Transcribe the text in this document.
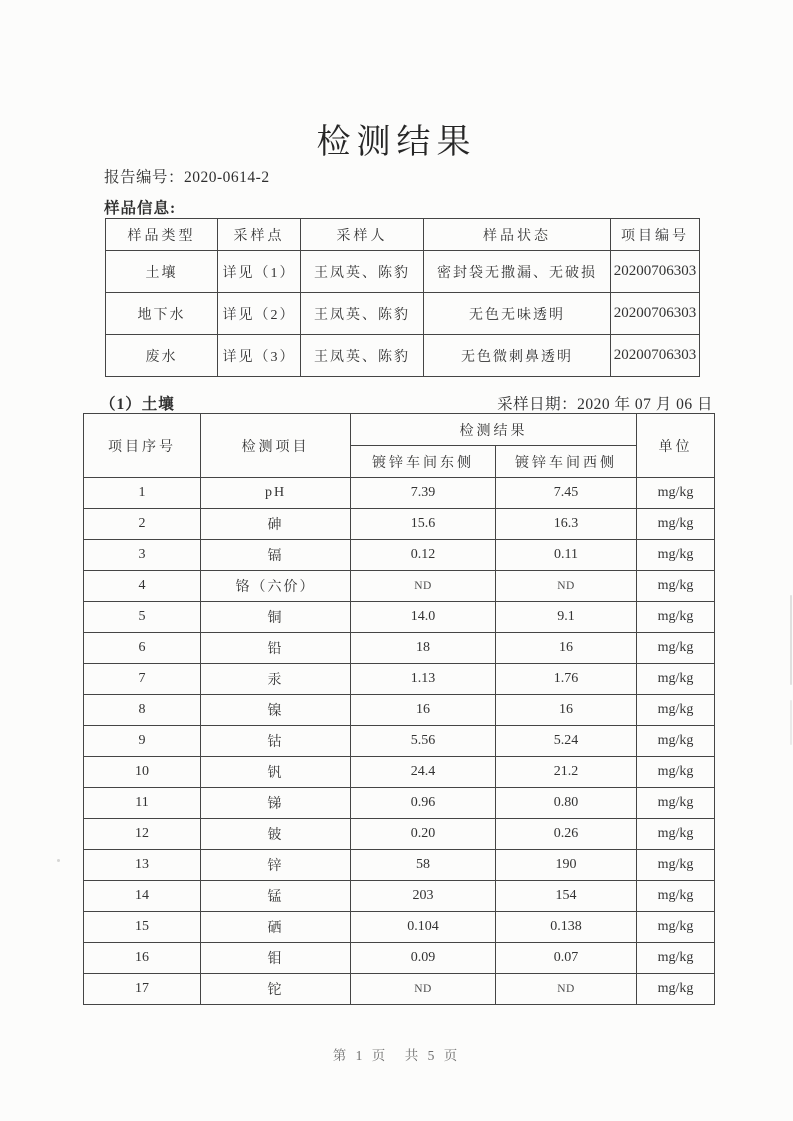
检测结果
报告编号：2020-0614-2
样品信息:
样品类型	采样点	采样人	样品状态	项目编号
土壤	详见（1）	王凤英、陈豹	密封袋无撒漏、无破损	20200706303
地下水	详见（2）	王凤英、陈豹	无色无味透明	20200706303
废水	详见（3）	王凤英、陈豹	无色微刺鼻透明	20200706303
（1）土壤	采样日期：2020 年 07 月 06 日
项目序号	检测项目	检测结果		单位
		镀锌车间东侧	镀锌车间西侧	
1	pH	7.39	7.45	mg/kg
2	砷	15.6	16.3	mg/kg
3	镉	0.12	0.11	mg/kg
4	铬（六价）	ND	ND	mg/kg
5	铜	14.0	9.1	mg/kg
6	铅	18	16	mg/kg
7	汞	1.13	1.76	mg/kg
8	镍	16	16	mg/kg
9	钴	5.56	5.24	mg/kg
10	钒	24.4	21.2	mg/kg
11	锑	0.96	0.80	mg/kg
12	铍	0.20	0.26	mg/kg
13	锌	58	190	mg/kg
14	锰	203	154	mg/kg
15	硒	0.104	0.138	mg/kg
16	钼	0.09	0.07	mg/kg
17	铊	ND	ND	mg/kg
第 1 页　共 5 页
